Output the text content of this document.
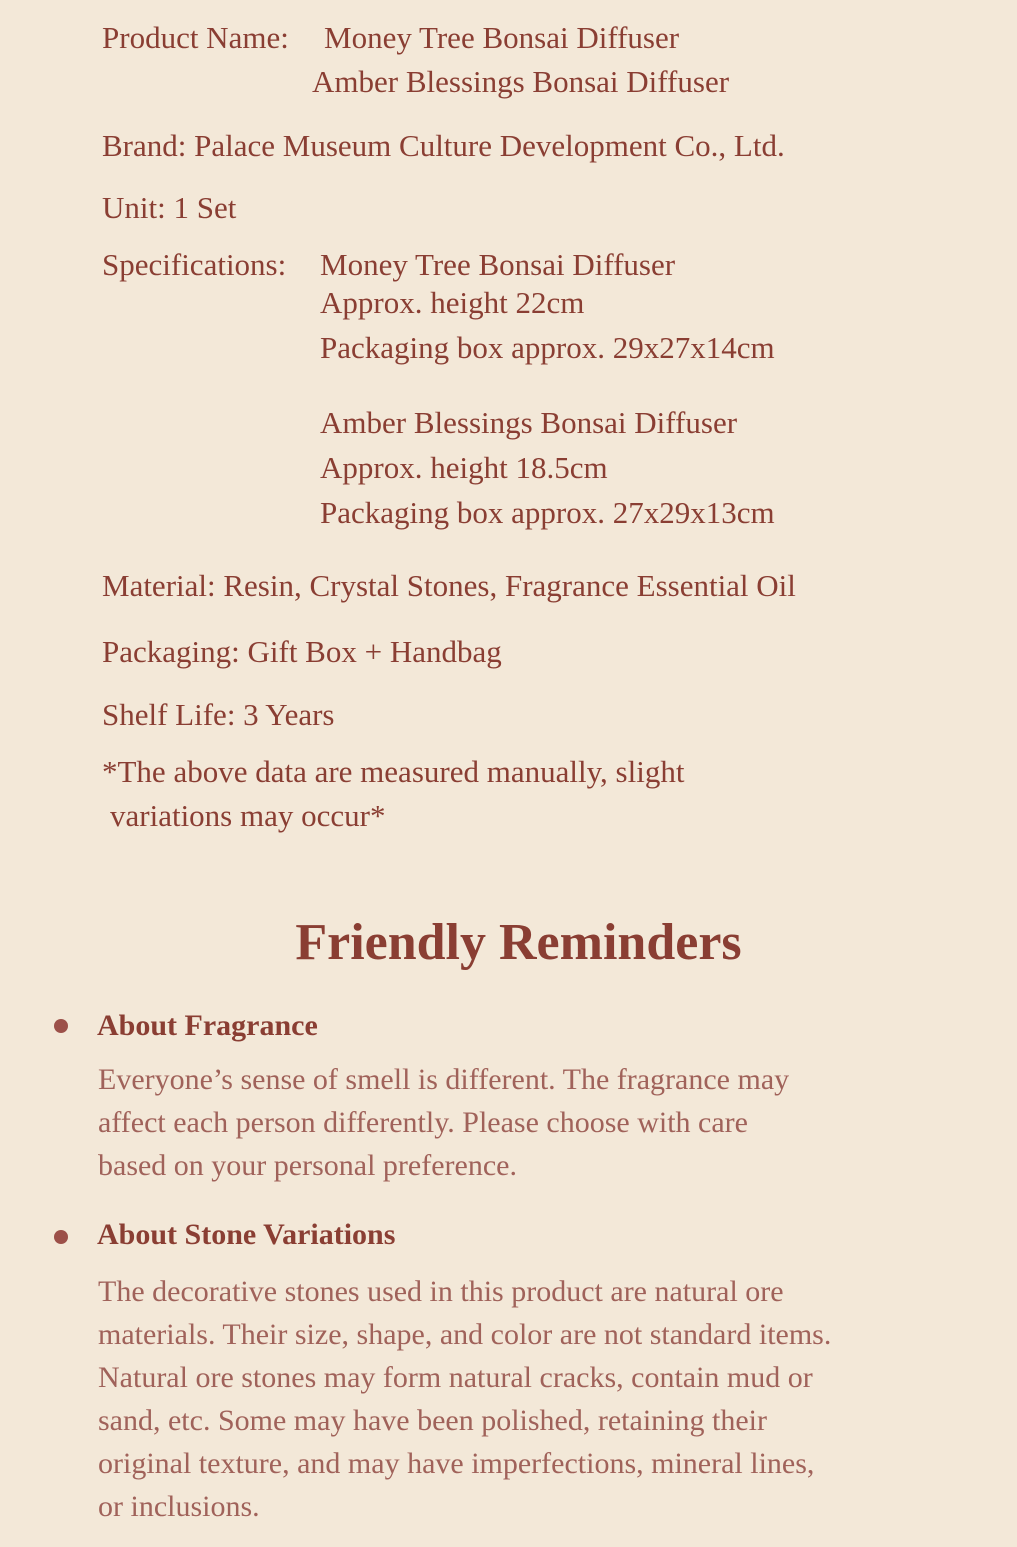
Product Name: Money Tree Bonsai Diffuser
Amber Blessings Bonsai Diffuser
Brand: Palace Museum Culture Development Co., Ltd.
Unit: 1 Set
Specifications: Money Tree Bonsai Diffuser
Approx. height 22cm
Packaging box approx. 29x27x14cm
Amber Blessings Bonsai Diffuser
Approx. height 18.5cm
Packaging box approx. 27x29x13cm
Material: Resin, Crystal Stones, Fragrance Essential Oil
Packaging: Gift Box + Handbag
Shelf Life: 3 Years
*The above data are measured manually, slight
variations may occur*
Friendly Reminders
About Fragrance
Everyone’s sense of smell is different. The fragrance may
affect each person differently. Please choose with care
based on your personal preference.
About Stone Variations
The decorative stones used in this product are natural ore
materials. Their size, shape, and color are not standard items.
Natural ore stones may form natural cracks, contain mud or
sand, etc. Some may have been polished, retaining their
original texture, and may have imperfections, mineral lines,
or inclusions.
